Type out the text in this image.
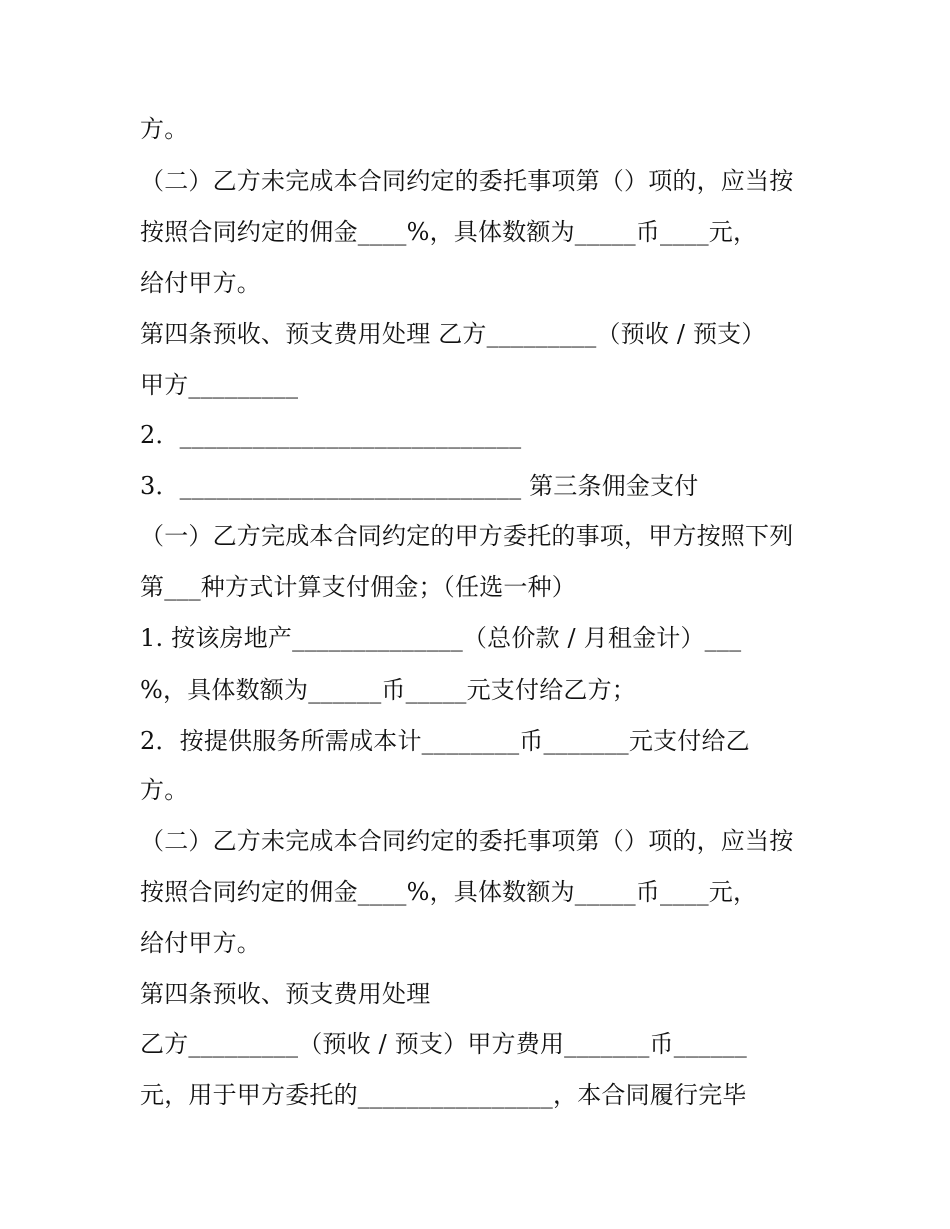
方。
（二）乙方未完成本合同约定的委托事项第（）项的，应当按
按照合同约定的佣金____%，具体数额为_____币____元，
给付甲方。
第四条预收、预支费用处理 乙方_________（预收 / 预支）
甲方_________
2．____________________________
3．____________________________ 第三条佣金支付
（一）乙方完成本合同约定的甲方委托的事项，甲方按照下列
第___种方式计算支付佣金；（任选一种）
1. 按该房地产______________（总价款 / 月租金计）___
%，具体数额为______币_____元支付给乙方；
2．按提供服务所需成本计________币_______元支付给乙
方。
（二）乙方未完成本合同约定的委托事项第（）项的，应当按
按照合同约定的佣金____%，具体数额为_____币____元，
给付甲方。
第四条预收、预支费用处理
乙方_________（预收 / 预支）甲方费用_______币______
元，用于甲方委托的________________，本合同履行完毕
